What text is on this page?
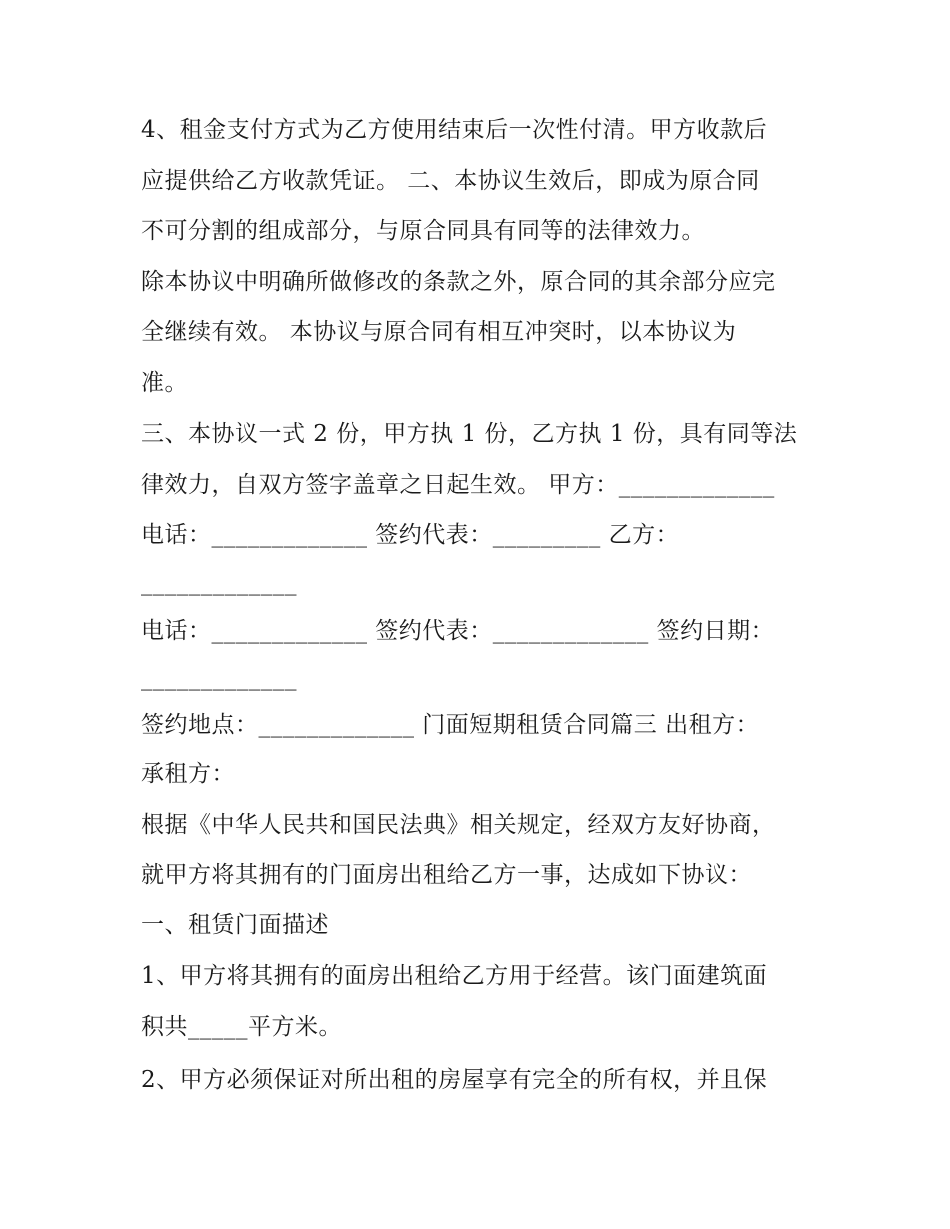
4、租金支付方式为乙方使用结束后一次性付清。甲方收款后
应提供给乙方收款凭证。 二、本协议生效后，即成为原合同
不可分割的组成部分，与原合同具有同等的法律效力。
除本协议中明确所做修改的条款之外，原合同的其余部分应完
全继续有效。 本协议与原合同有相互冲突时，以本协议为
准。
三、本协议一式 2 份，甲方执 1 份，乙方执 1 份，具有同等法
律效力，自双方签字盖章之日起生效。 甲方：_____________
电话：_____________ 签约代表：_________ 乙方：
_____________
电话：_____________ 签约代表：_____________ 签约日期：
_____________
签约地点：_____________ 门面短期租赁合同篇三 出租方：
承租方：
根据《中华人民共和国民法典》相关规定，经双方友好协商，
就甲方将其拥有的门面房出租给乙方一事，达成如下协议：
一、租赁门面描述
1、甲方将其拥有的面房出租给乙方用于经营。该门面建筑面
积共_____平方米。
2、甲方必须保证对所出租的房屋享有完全的所有权，并且保
